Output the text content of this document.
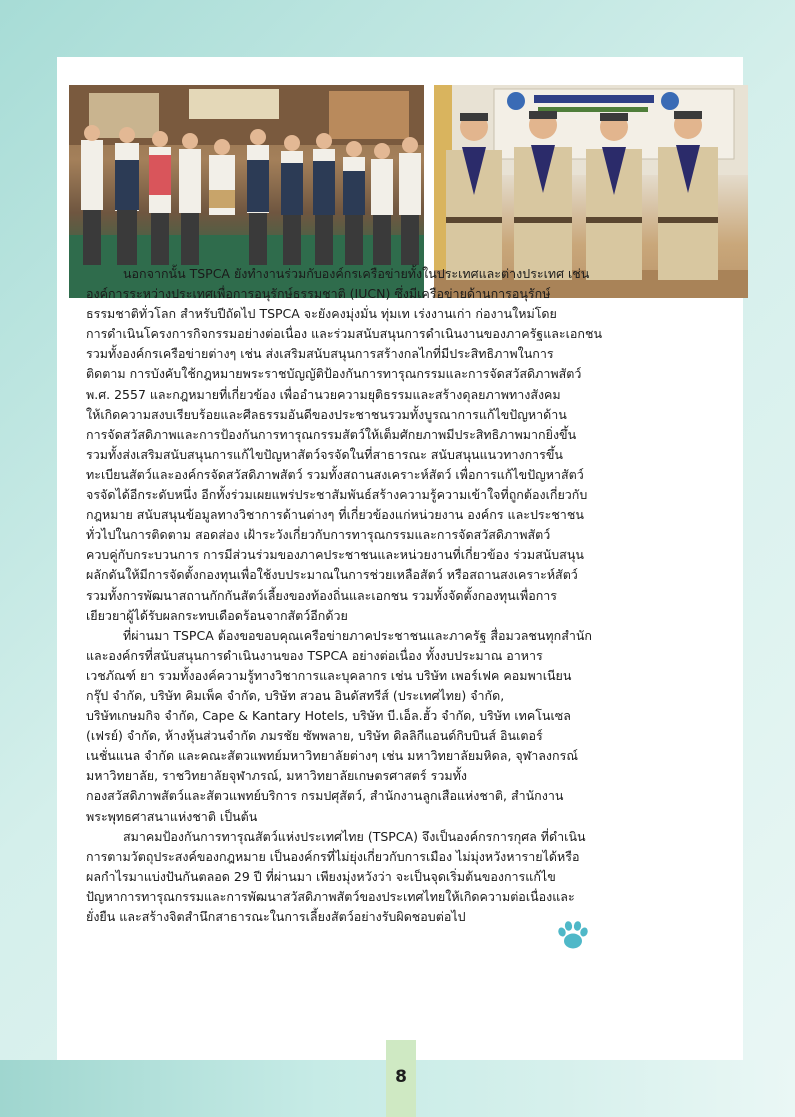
นอกจากนั้น TSPCA ยังทำงานร่วมกับองค์กรเครือข่ายทั้งในประเทศและต่างประเทศ เช่น
องค์การระหว่างประเทศเพื่อการอนุรักษ์ธรรมชาติ (IUCN) ซึ่งมีเครือข่ายด้านการอนุรักษ์
ธรรมชาติทั่วโลก สำหรับปีถัดไป TSPCA จะยังคงมุ่งมั่น ทุ่มเท เร่งงานเก่า ก่องานใหม่โดย
การดำเนินโครงการกิจกรรมอย่างต่อเนื่อง และร่วมสนับสนุนการดำเนินงานของภาครัฐและเอกชน
รวมทั้งองค์กรเครือข่ายต่างๆ เช่น ส่งเสริมสนับสนุนการสร้างกลไกที่มีประสิทธิภาพในการ
ติดตาม การบังคับใช้กฎหมายพระราชบัญญัติป้องกันการทารุณกรรมและการจัดสวัสดิภาพสัตว์
พ.ศ. 2557 และกฎหมายที่เกี่ยวข้อง เพื่ออำนวยความยุติธรรมและสร้างดุลยภาพทางสังคม
ให้เกิดความสงบเรียบร้อยและศีลธรรมอันดีของประชาชนรวมทั้งบูรณาการแก้ไขปัญหาด้าน
การจัดสวัสดิภาพและการป้องกันการทารุณกรรมสัตว์ให้เต็มศักยภาพมีประสิทธิภาพมากยิ่งขึ้น
รวมทั้งส่งเสริมสนับสนุนการแก้ไขปัญหาสัตว์จรจัดในที่สาธารณะ สนับสนุนแนวทางการขึ้น
ทะเบียนสัตว์และองค์กรจัดสวัสดิภาพสัตว์ รวมทั้งสถานสงเคราะห์สัตว์ เพื่อการแก้ไขปัญหาสัตว์
จรจัดได้อีกระดับหนึ่ง อีกทั้งร่วมเผยแพร่ประชาสัมพันธ์สร้างความรู้ความเข้าใจที่ถูกต้องเกี่ยวกับ
กฎหมาย สนับสนุนข้อมูลทางวิชาการด้านต่างๆ ที่เกี่ยวข้องแก่หน่วยงาน องค์กร และประชาชน
ทั่วไปในการติดตาม สอดส่อง เฝ้าระวังเกี่ยวกับการทารุณกรรมและการจัดสวัสดิภาพสัตว์
ควบคู่กับกระบวนการ การมีส่วนร่วมของภาคประชาชนและหน่วยงานที่เกี่ยวข้อง ร่วมสนับสนุน
ผลักดันให้มีการจัดตั้งกองทุนเพื่อใช้งบประมาณในการช่วยเหลือสัตว์ หรือสถานสงเคราะห์สัตว์
รวมทั้งการพัฒนาสถานกักกันสัตว์เลี้ยงของท้องถิ่นและเอกชน รวมทั้งจัดตั้งกองทุนเพื่อการ
เยียวยาผู้ได้รับผลกระทบเดือดร้อนจากสัตว์อีกด้วย
ที่ผ่านมา TSPCA ต้องขอขอบคุณเครือข่ายภาคประชาชนและภาครัฐ สื่อมวลชนทุกสำนัก
และองค์กรที่สนับสนุนการดำเนินงานของ TSPCA อย่างต่อเนื่อง ทั้งงบประมาณ อาหาร
เวชภัณฑ์ ยา รวมทั้งองค์ความรู้ทางวิชาการและบุคลากร เช่น บริษัท เพอร์เฟค คอมพาเนียน
กรุ๊ป จำกัด, บริษัท คิมเพ็ค จำกัด, บริษัท สวอน อินดัสทรีส์ (ประเทศไทย) จำกัด,
บริษัทเกษมกิจ จำกัด, Cape & Kantary Hotels, บริษัท บี.เอ็ล.ฮั้ว จำกัด, บริษัท เทคโนเซล
(เฟรย์) จำกัด, ห้างหุ้นส่วนจำกัด ภมรชัย ซัพพลาย, บริษัท ดิลลิกีแอนด์กิบบินส์ อินเตอร์
เนชั่นแนล จำกัด และคณะสัตวแพทย์มหาวิทยาลัยต่างๆ เช่น มหาวิทยาลัยมหิดล, จุฬาลงกรณ์
มหาวิทยาลัย, ราชวิทยาลัยจุฬาภรณ์, มหาวิทยาลัยเกษตรศาสตร์ รวมทั้ง
กองสวัสดิภาพสัตว์และสัตวแพทย์บริการ กรมปศุสัตว์, สำนักงานลูกเสือแห่งชาติ, สำนักงาน
พระพุทธศาสนาแห่งชาติ เป็นต้น
สมาคมป้องกันการทารุณสัตว์แห่งประเทศไทย (TSPCA) จึงเป็นองค์กรการกุศล ที่ดำเนิน
การตามวัตถุประสงค์ของกฎหมาย เป็นองค์กรที่ไม่ยุ่งเกี่ยวกับการเมือง ไม่มุ่งหวังหารายได้หรือ
ผลกำไรมาแบ่งปันกันตลอด 29 ปี ที่ผ่านมา เพียงมุ่งหวังว่า จะเป็นจุดเริ่มต้นของการแก้ไข
ปัญหาการทารุณกรรมและการพัฒนาสวัสดิภาพสัตว์ของประเทศไทยให้เกิดความต่อเนื่องและ
ยั่งยืน และสร้างจิตสำนึกสาธารณะในการเลี้ยงสัตว์อย่างรับผิดชอบต่อไป
8
